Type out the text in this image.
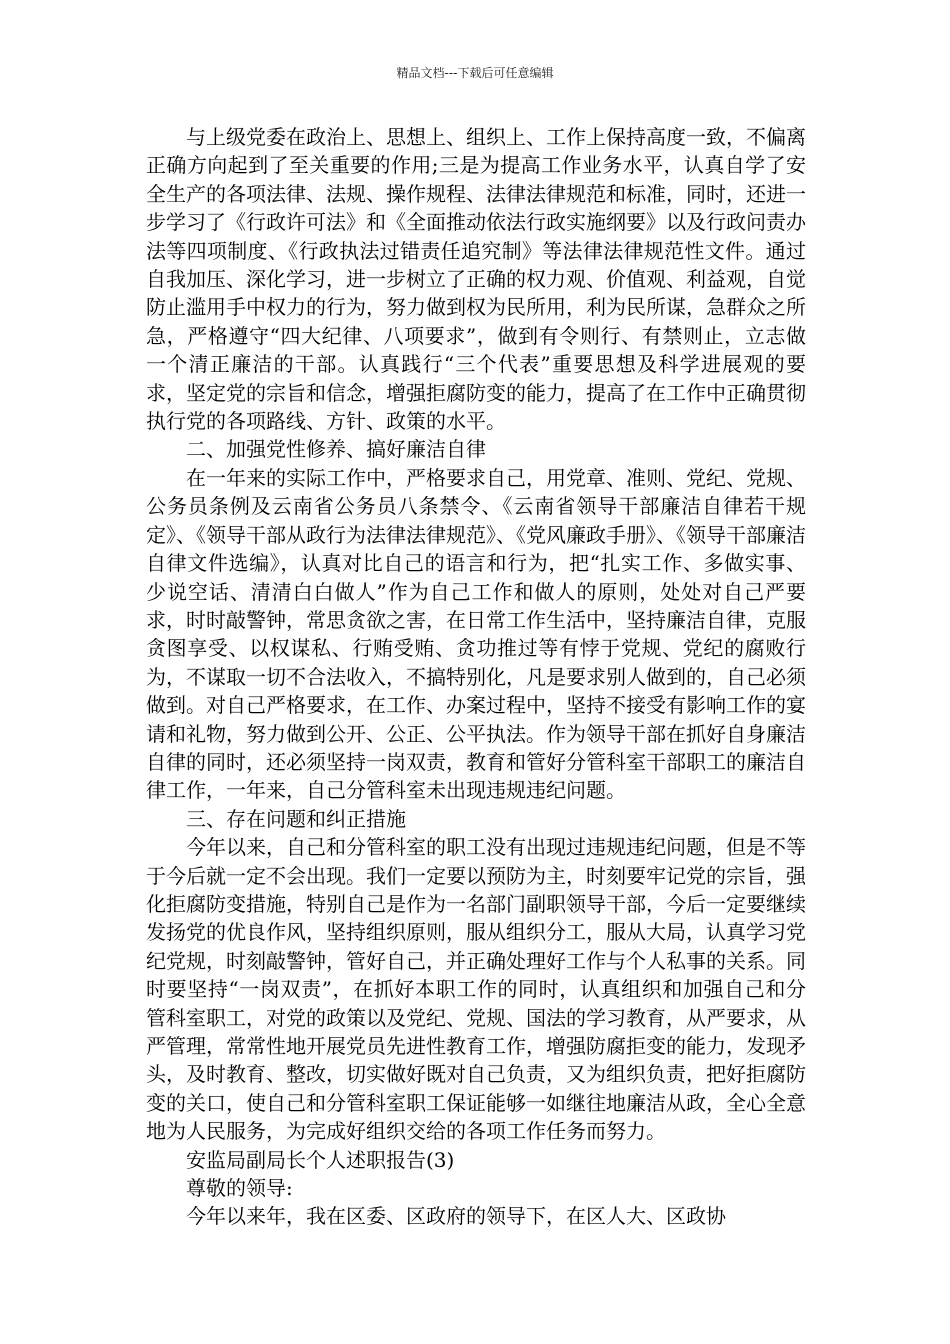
精品文档---下载后可任意编辑

与上级党委在政治上、思想上、组织上、工作上保持高度一致，不偏离正确方向起到了至关重要的作用;三是为提高工作业务水平，认真自学了安全生产的各项法律、法规、操作规程、法律法律规范和标准，同时，还进一步学习了《行政许可法》和《全面推动依法行政实施纲要》以及行政问责办法等四项制度、《行政执法过错责任追究制》等法律法律规范性文件。通过自我加压、深化学习，进一步树立了正确的权力观、价值观、利益观，自觉防止滥用手中权力的行为，努力做到权为民所用，利为民所谋，急群众之所急，严格遵守“四大纪律、八项要求”，做到有令则行、有禁则止，立志做一个清正廉洁的干部。认真践行“三个代表”重要思想及科学进展观的要求，坚定党的宗旨和信念，增强拒腐防变的能力，提高了在工作中正确贯彻执行党的各项路线、方针、政策的水平。

二、加强党性修养、搞好廉洁自律

在一年来的实际工作中，严格要求自己，用党章、准则、党纪、党规、公务员条例及云南省公务员八条禁令、《云南省领导干部廉洁自律若干规定》、《领导干部从政行为法律法律规范》、《党风廉政手册》、《领导干部廉洁自律文件选编》，认真对比自己的语言和行为，把“扎实工作、多做实事、少说空话、清清白白做人”作为自己工作和做人的原则，处处对自己严要求，时时敲警钟，常思贪欲之害，在日常工作生活中，坚持廉洁自律，克服贪图享受、以权谋私、行贿受贿、贪功推过等有悖于党规、党纪的腐败行为，不谋取一切不合法收入，不搞特别化，凡是要求别人做到的，自己必须做到。对自己严格要求，在工作、办案过程中，坚持不接受有影响工作的宴请和礼物，努力做到公开、公正、公平执法。作为领导干部在抓好自身廉洁自律的同时，还必须坚持一岗双责，教育和管好分管科室干部职工的廉洁自律工作，一年来，自己分管科室未出现违规违纪问题。

三、存在问题和纠正措施

今年以来，自己和分管科室的职工没有出现过违规违纪问题，但是不等于今后就一定不会出现。我们一定要以预防为主，时刻要牢记党的宗旨，强化拒腐防变措施，特别自己是作为一名部门副职领导干部，今后一定要继续发扬党的优良作风，坚持组织原则，服从组织分工，服从大局，认真学习党纪党规，时刻敲警钟，管好自己，并正确处理好工作与个人私事的关系。同时要坚持“一岗双责”，在抓好本职工作的同时，认真组织和加强自己和分管科室职工，对党的政策以及党纪、党规、国法的学习教育，从严要求，从严管理，常常性地开展党员先进性教育工作，增强防腐拒变的能力，发现矛头，及时教育、整改，切实做好既对自己负责，又为组织负责，把好拒腐防变的关口，使自己和分管科室职工保证能够一如继往地廉洁从政，全心全意地为人民服务，为完成好组织交给的各项工作任务而努力。

安监局副局长个人述职报告(3)

尊敬的领导:

今年以来年，我在区委、区政府的领导下，在区人大、区政协
